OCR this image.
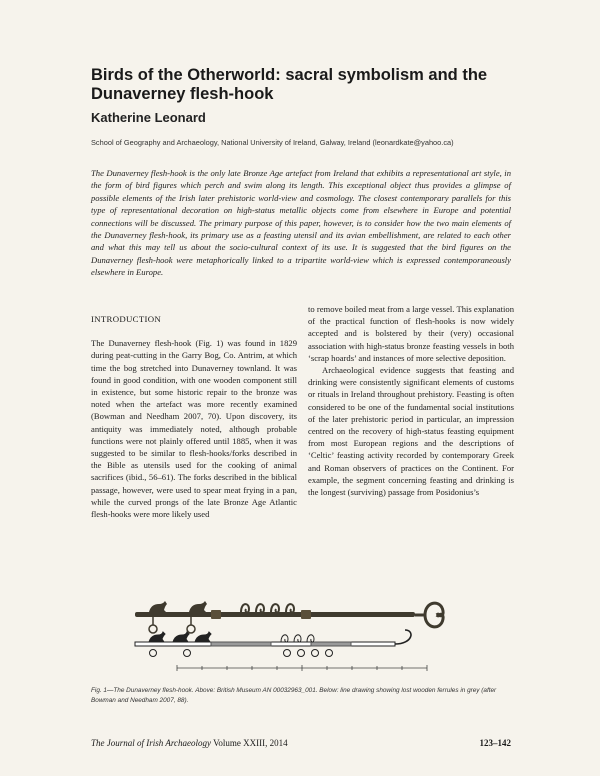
Birds of the Otherworld: sacral symbolism and the Dunaverney flesh-hook
Katherine Leonard
School of Geography and Archaeology, National University of Ireland, Galway, Ireland (leonardkate@yahoo.ca)
The Dunaverney flesh-hook is the only late Bronze Age artefact from Ireland that exhibits a representational art style, in the form of bird figures which perch and swim along its length. This exceptional object thus provides a glimpse of possible elements of the Irish later prehistoric world-view and cosmology. The closest contemporary parallels for this type of representational decoration on high-status metallic objects come from elsewhere in Europe and potential connections will be discussed. The primary purpose of this paper, however, is to consider how the two main elements of the Dunaverney flesh-hook, its primary use as a feasting utensil and its avian embellishment, are related to each other and what this may tell us about the socio-cultural context of its use. It is suggested that the bird figures on the Dunaverney flesh-hook were metaphorically linked to a tripartite world-view which is expressed contemporaneously elsewhere in Europe.
INTRODUCTION

The Dunaverney flesh-hook (Fig. 1) was found in 1829 during peat-cutting in the Garry Bog, Co. Antrim, at which time the bog stretched into Dunaverney townland. It was found in good condition, with one wooden component still in existence, but some historic repair to the bronze was noted when the artefact was more recently examined (Bowman and Needham 2007, 70). Upon discovery, its antiquity was immediately noted, although probable functions were not plainly offered until 1885, when it was suggested to be similar to flesh-hooks/forks described in the Bible as utensils used for the cooking of animal sacrifices (ibid., 56–61). The forks described in the biblical passage, however, were used to spear meat frying in a pan, while the curved prongs of the late Bronze Age Atlantic flesh-hooks were more likely used

to remove boiled meat from a large vessel. This explanation of the practical function of flesh-hooks is now widely accepted and is bolstered by their (very) occasional association with high-status bronze feasting vessels in both ‘scrap hoards’ and instances of more selective deposition.

Archaeological evidence suggests that feasting and drinking were consistently significant elements of customs or rituals in Ireland throughout prehistory. Feasting is often considered to be one of the fundamental social institutions of the later prehistoric period in particular, an impression centred on the recovery of high-status feasting equipment from most European regions and the descriptions of ‘Celtic’ feasting activity recorded by contemporary Greek and Roman observers of practices on the Continent. For example, the segment concerning feasting and drinking is the longest (surviving) passage from Posidonius’s

Fig. 1—The Dunaverney flesh-hook. Above: British Museum AN 00032963_001. Below: line drawing showing lost wooden ferrules in grey (after Bowman and Needham 2007, 88).
The Journal of Irish Archaeology Volume XXIII, 2014	123–142
